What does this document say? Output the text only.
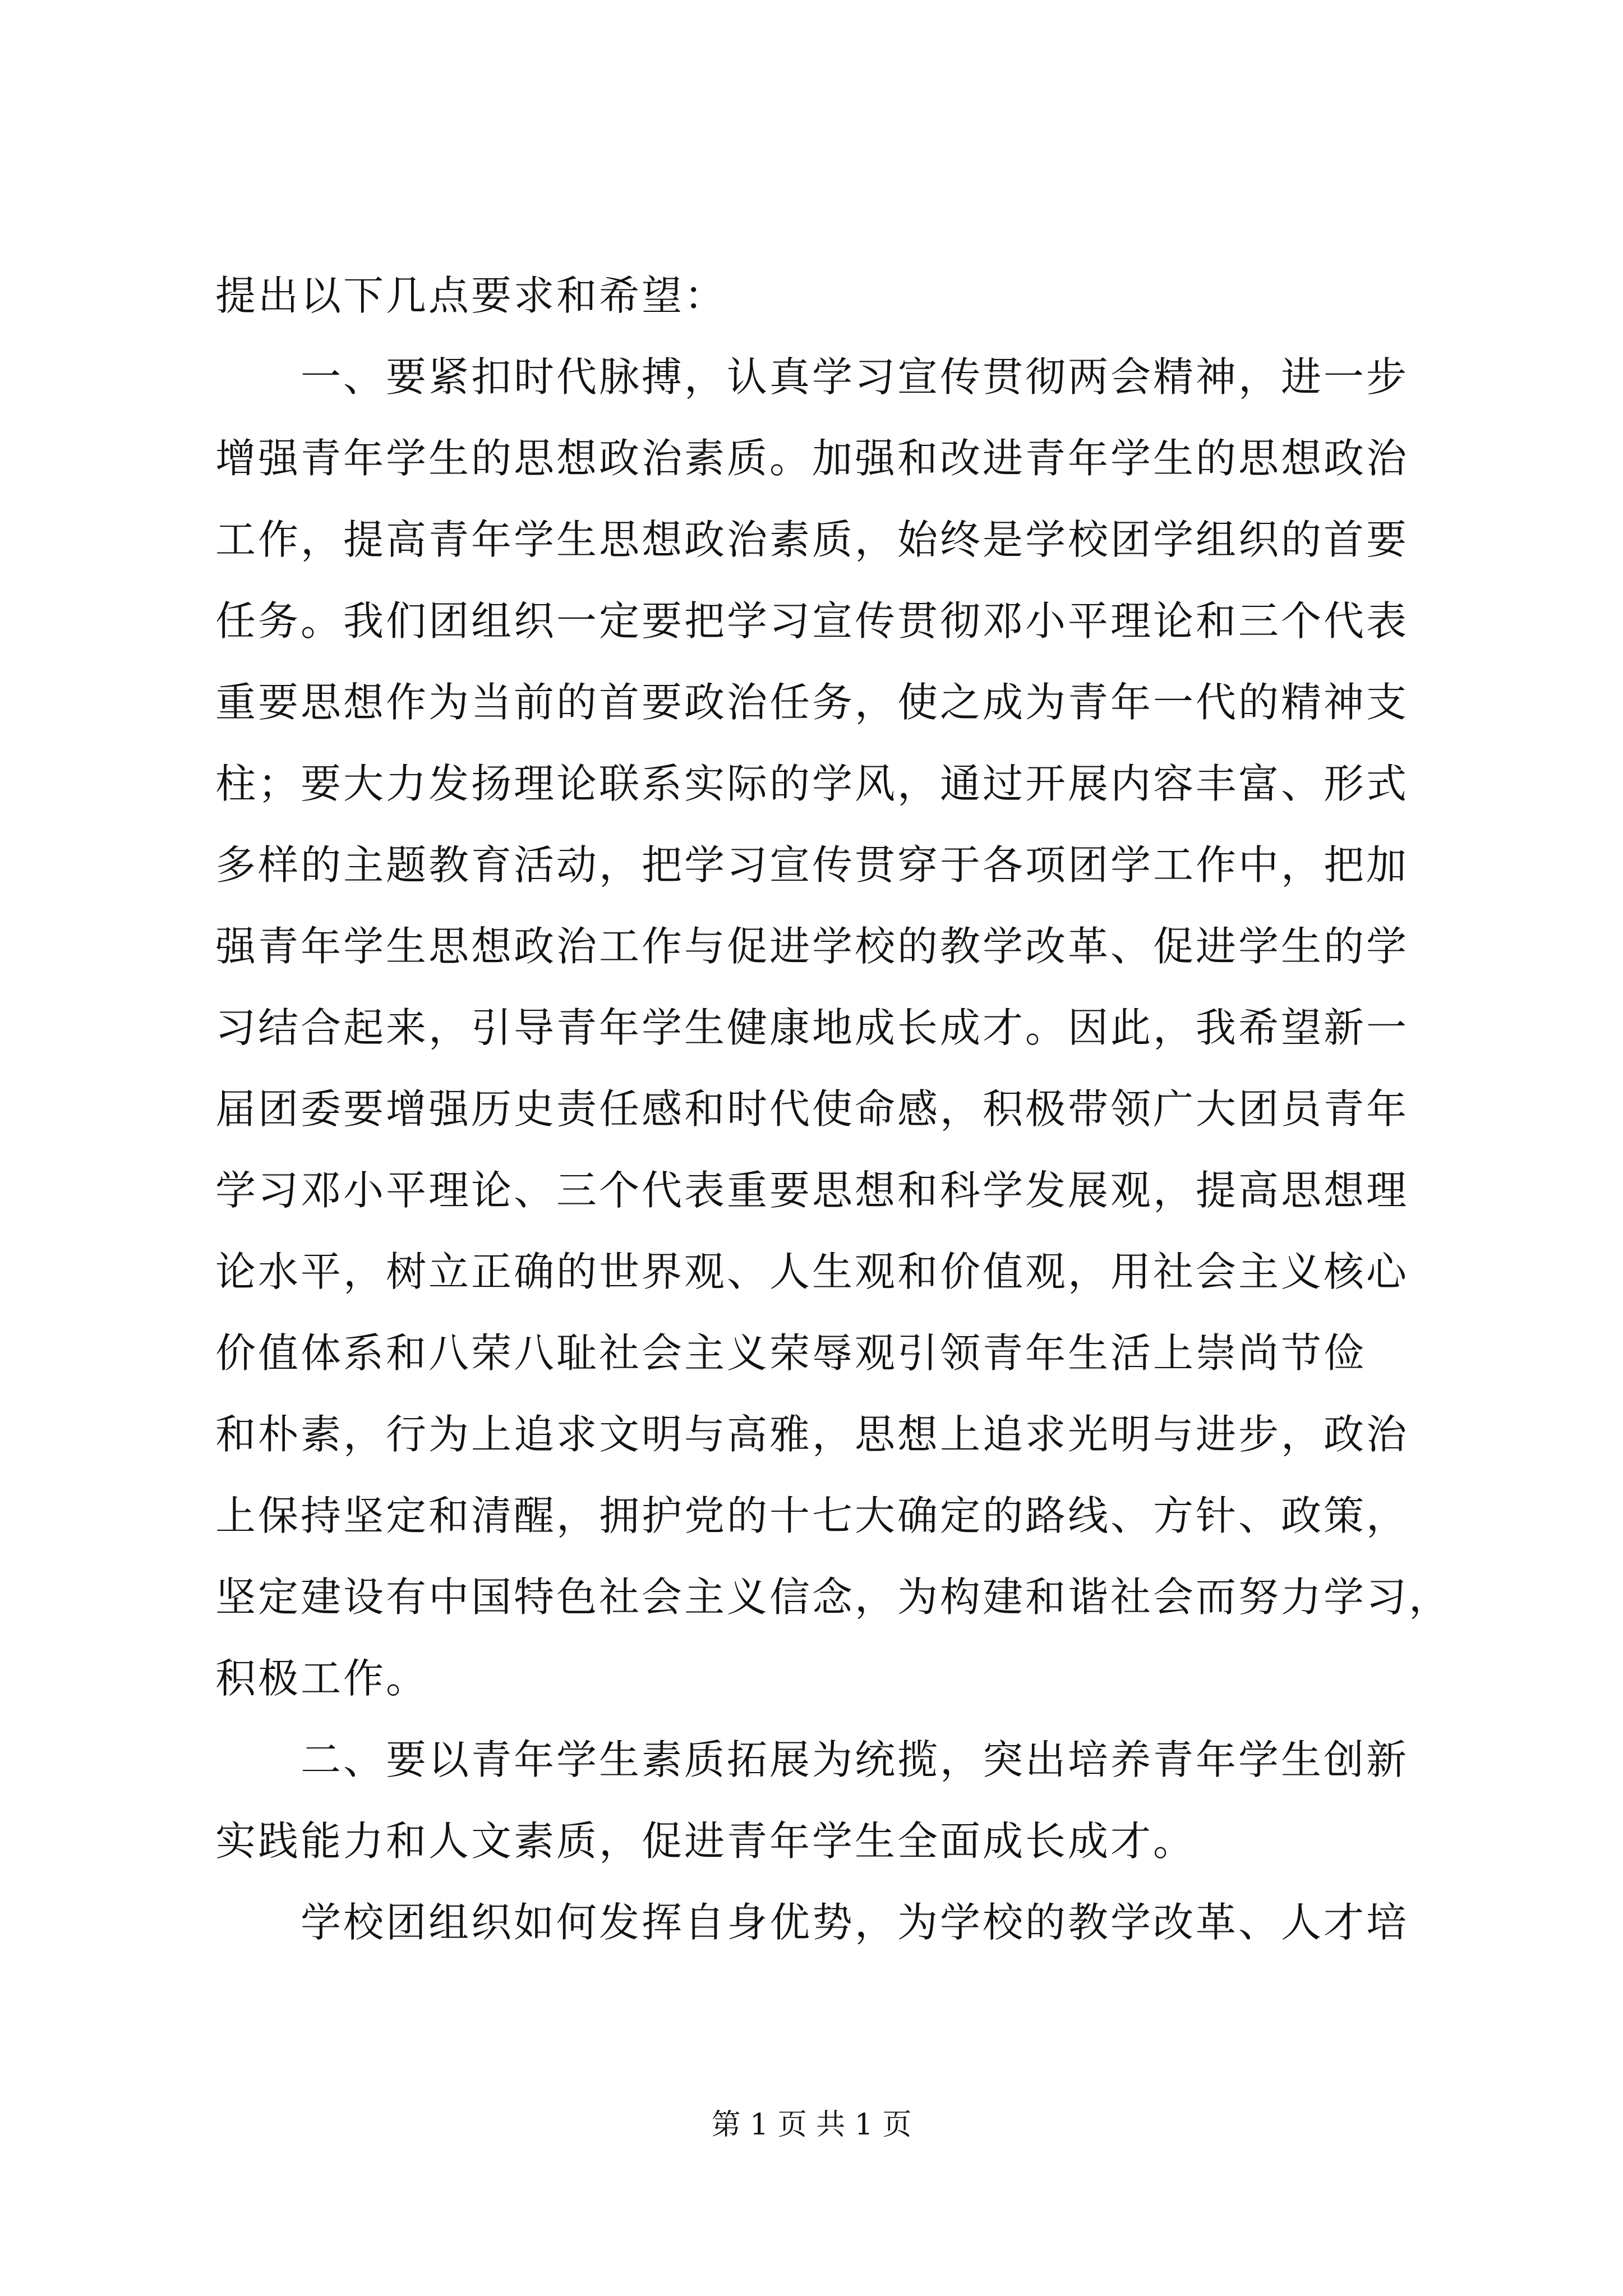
提出以下几点要求和希望：
一、要紧扣时代脉搏，认真学习宣传贯彻两会精神，进一步
增强青年学生的思想政治素质。加强和改进青年学生的思想政治
工作，提高青年学生思想政治素质，始终是学校团学组织的首要
任务。我们团组织一定要把学习宣传贯彻邓小平理论和三个代表
重要思想作为当前的首要政治任务，使之成为青年一代的精神支
柱；要大力发扬理论联系实际的学风，通过开展内容丰富、形式
多样的主题教育活动，把学习宣传贯穿于各项团学工作中，把加
强青年学生思想政治工作与促进学校的教学改革、促进学生的学
习结合起来，引导青年学生健康地成长成才。因此，我希望新一
届团委要增强历史责任感和时代使命感，积极带领广大团员青年
学习邓小平理论、三个代表重要思想和科学发展观，提高思想理
论水平，树立正确的世界观、人生观和价值观，用社会主义核心
价值体系和八荣八耻社会主义荣辱观引领青年生活上崇尚节俭
和朴素，行为上追求文明与高雅，思想上追求光明与进步，政治
上保持坚定和清醒，拥护党的十七大确定的路线、方针、政策，
坚定建设有中国特色社会主义信念，为构建和谐社会而努力学习，
积极工作。
二、要以青年学生素质拓展为统揽，突出培养青年学生创新
实践能力和人文素质，促进青年学生全面成长成才。
学校团组织如何发挥自身优势，为学校的教学改革、人才培
第 1 页 共 1 页
